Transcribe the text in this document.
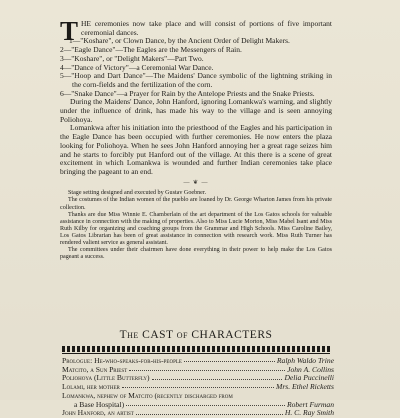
THE ceremonies now take place and will consist of portions of five important ceremonial dances.

1—"Koshare", or Clown Dance, by the Ancient Order of Delight Makers.

2—"Eagle Dance"—The Eagles are the Messengers of Rain.

3—"Koshare", or "Delight Makers"—Part Two.

4—"Dance of Victory"—a Ceremonial War Dance.

5—"Hoop and Dart Dance"—The Maidens' Dance symbolic of the lightning striking in the corn-fields and the fertilization of the corn.

6—"Snake Dance"—a Prayer for Rain by the Antelope Priests and the Snake Priests.

During the Maidens' Dance, John Hanford, ignoring Lomankwa's warning, and slightly under the influence of drink, has made his way to the village and is seen annoying Poliohoya.

Lomankwa after his initiation into the priesthood of the Eagles and his participation in the Eagle Dance has been occupied with further ceremonies. He now enters the plaza looking for Poliohoya. When he sees John Hanford annoying her a great rage seizes him and he starts to forcibly put Hanford out of the village. At this there is a scene of great excitement in which Lomankwa is wounded and further Indian ceremonies take place bringing the pageant to an end.

— ❦ —

Stage setting designed and executed by Gustav Goebner.

The costumes of the Indian women of the pueblo are loaned by Dr. George Wharton James from his private collection.

Thanks are due Miss Winnie E. Chamberlain of the art department of the Los Gatos schools for valuable assistance in connection with the making of properties. Also to Miss Lucie Morton, Miss Mabel Isant and Miss Ruth Kilby for organizing and coaching groups from the Grammar and High Schools. Miss Caroline Bailey, Los Gatos Librarian has been of great assistance in connection with research work. Miss Ruth Turner has rendered valient service as general assistant.

The committees under their chairmen have done everything in their power to help make the Los Gatos pageant a success.

The CAST of CHARACTERS
Prologue: He-who-speaks-for-his-people	Ralph Waldo Trine
Matcito, a Sun Priest	John A. Collins
Poliohoya (Little Butterfly)	Delia Puccinelli
Lolami, her mother	Mrs. Ethel Ricketts
Lomankwa, nephew of Matcito (recently discharged from
a Base Hospital)	Robert Furman
John Hanford, an artist	H. C. Ray Smith
